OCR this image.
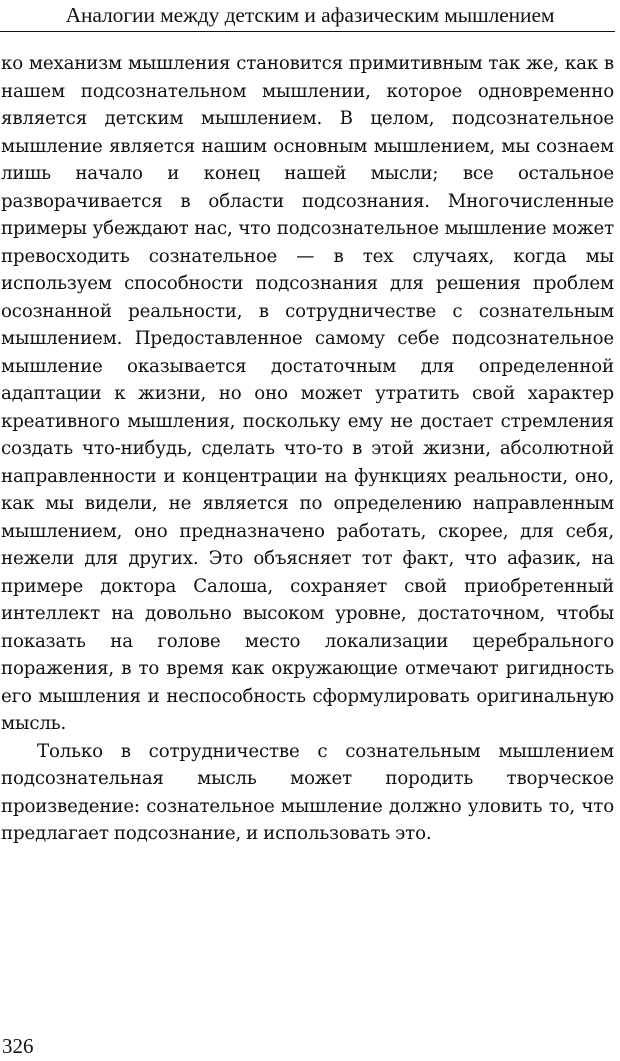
Аналогии между детским и афазическим мышлением

ко механизм мышления становится примитивным так же, как в нашем подсознательном мышлении, которое одновременно является детским мышлением. В целом, подсознательное мышление является нашим основным мышлением, мы сознаем лишь начало и конец нашей мысли; все остальное разворачивается в области подсознания. Многочисленные примеры убеждают нас, что подсознательное мышление может превосходить сознательное — в тех случаях, когда мы используем способности подсознания для решения проблем осознанной реальности, в сотрудничестве с сознательным мышлением. Предоставленное самому себе подсознательное мышление оказывается достаточным для определенной адаптации к жизни, но оно может утратить свой характер креативного мышления, поскольку ему не достает стремления создать что-нибудь, сделать что-то в этой жизни, абсолютной направленности и концентрации на функциях реальности, оно, как мы видели, не является по определению направленным мышлением, оно предназначено работать, скорее, для себя, нежели для других. Это объясняет тот факт, что афазик, на примере доктора Салоша, сохраняет свой приобретенный интеллект на довольно высоком уровне, достаточном, чтобы показать на голове место локализации церебрального поражения, в то время как окружающие отмечают ригидность его мышления и неспособность сформулировать оригинальную мысль.

Только в сотрудничестве с сознательным мышлением подсознательная мысль может породить творческое произведение: сознательное мышление должно уловить то, что предлагает подсознание, и использовать это.

326
